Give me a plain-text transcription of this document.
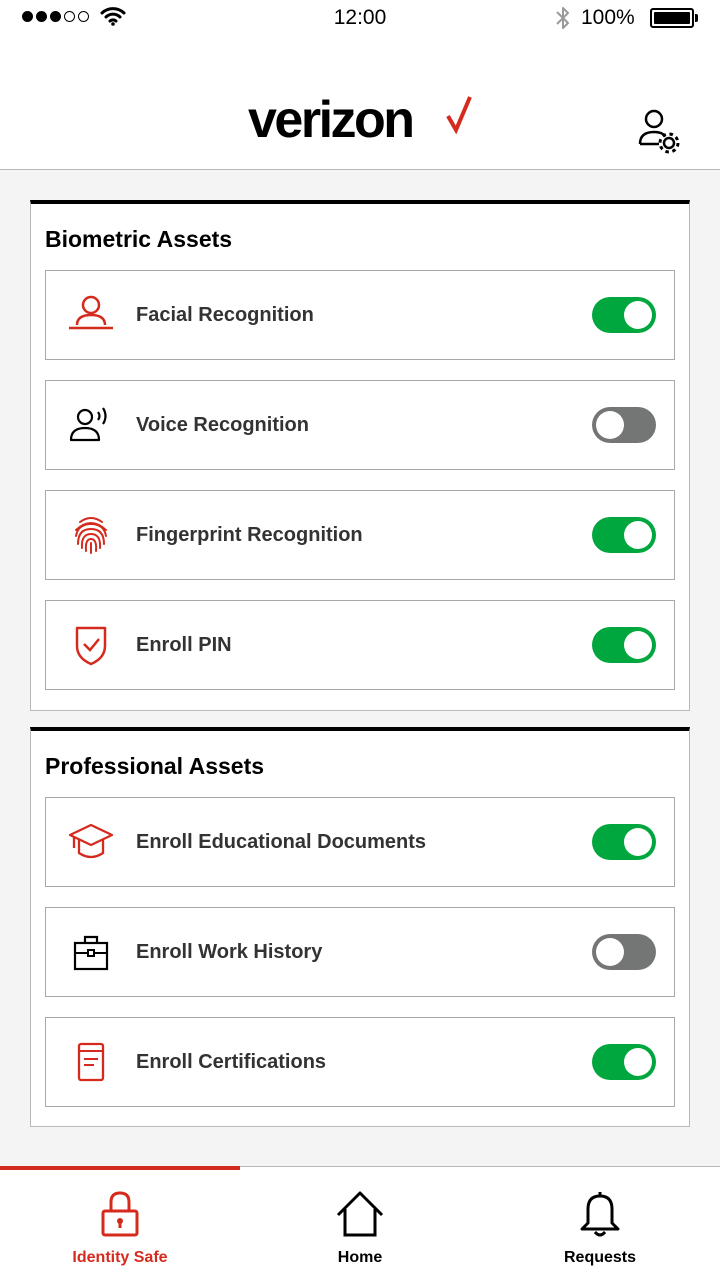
12:00	100%
verizon
Biometric Assets
Facial Recognition
Voice Recognition
Fingerprint Recognition
Enroll PIN
Professional Assets
Enroll Educational Documents
Enroll Work History
Enroll Certifications
Identity Safe	Home	Requests
